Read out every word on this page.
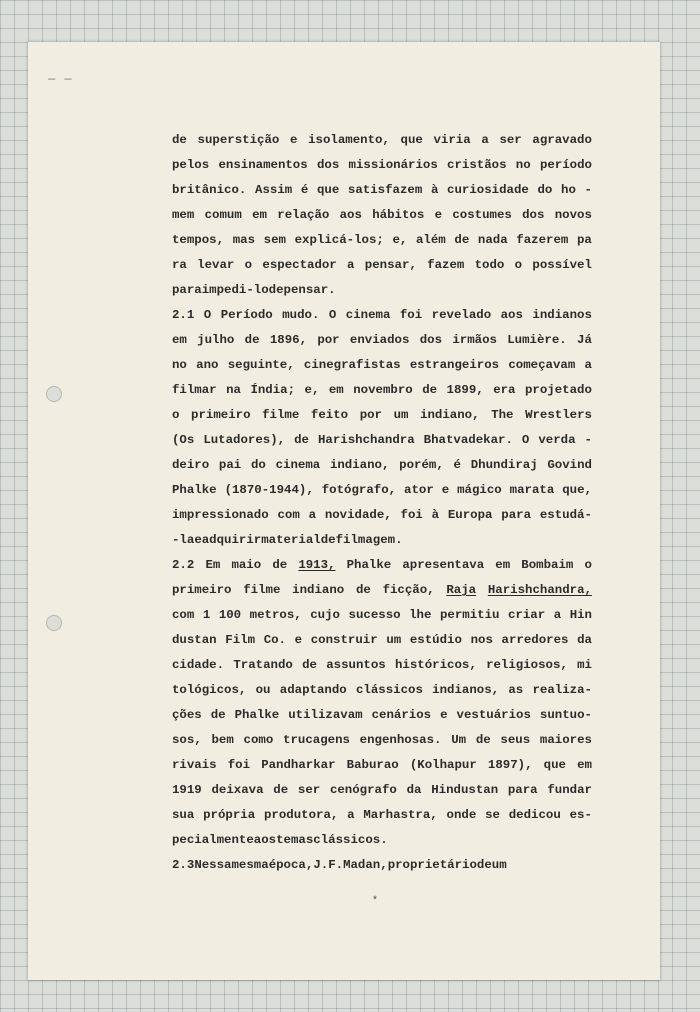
— —
de superstição e isolamento, que viria a ser agravado
pelos ensinamentos dos missionários cristãos no período
britânico. Assim é que satisfazem à curiosidade do ho -
mem comum em relação aos hábitos e costumes dos novos
tempos, mas sem explicá-los; e, além de nada fazerem pa
ra levar o espectador a pensar, fazem todo o possível
para impedi-lo de pensar.
2.1 O Período mudo. O cinema foi revelado aos indianos
em julho de 1896, por enviados dos irmãos Lumière. Já
no ano seguinte, cinegrafistas estrangeiros começavam a
filmar na Índia; e, em novembro de 1899, era projetado
o primeiro filme feito por um indiano, The Wrestlers
(Os Lutadores), de Harishchandra Bhatvadekar. O verda -
deiro pai do cinema indiano, porém, é Dhundiraj Govind
Phalke (1870-1944), fotógrafo, ator e mágico marata que,
impressionado com a novidade, foi à Europa para estudá-
-la e adquirir material de filmagem.
2.2 Em maio de 1913, Phalke apresentava em Bombaim o
primeiro filme indiano de ficção, Raja Harishchandra,
com 1 100 metros, cujo sucesso lhe permitiu criar a Hin
dustan Film Co. e construir um estúdio nos arredores da
cidade. Tratando de assuntos históricos, religiosos, mi
tológicos, ou adaptando clássicos indianos, as realiza-
ções de Phalke utilizavam cenários e vestuários suntuo-
sos, bem como trucagens engenhosas. Um de seus maiores
rivais foi Pandharkar Baburao (Kolhapur 1897), que em
1919 deixava de ser cenógrafo da Hindustan para fundar
sua própria produtora, a Marhastra, onde se dedicou es-
pecialmente aos temas clássicos.
2.3 Nessa mesma época, J. F. Madan, proprietário de um
*
